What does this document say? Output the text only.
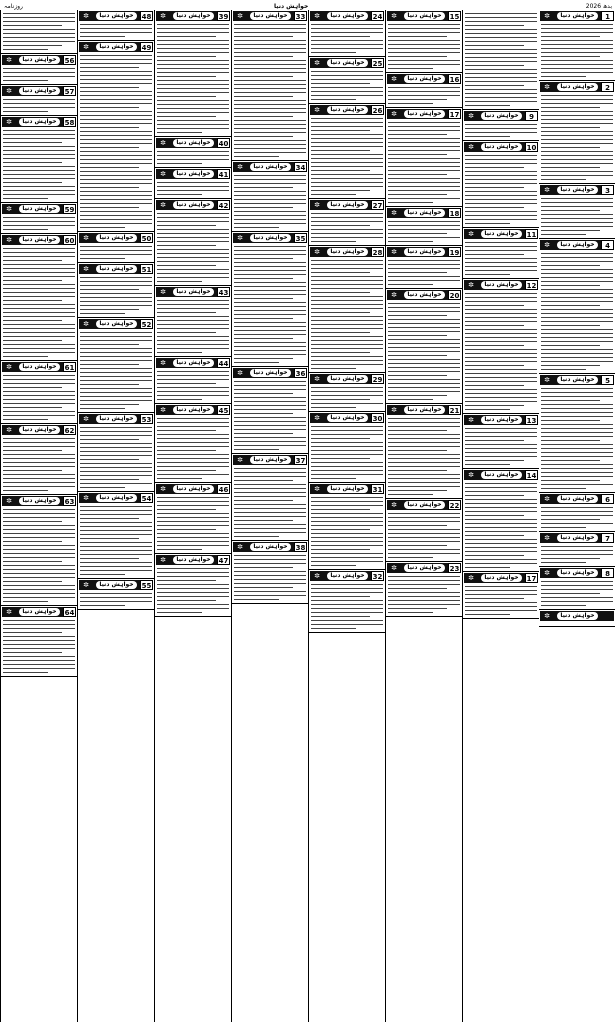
بدھ 2026
خواہش دنیا
روزنامہ
✲	خواہش دنیا	1
✲	خواہش دنیا	2
✲	خواہش دنیا	3
✲	خواہش دنیا	4
✲	خواہش دنیا	5
✲	خواہش دنیا	6
✲	خواہش دنیا	7
✲	خواہش دنیا	8
✲	خواہش دنیا
✲	خواہش دنیا	9
✲	خواہش دنیا	10
✲	خواہش دنیا	11
✲	خواہش دنیا	12
✲	خواہش دنیا	13
✲	خواہش دنیا	14
✲	خواہش دنیا	17
✲	خواہش دنیا	15
✲	خواہش دنیا	16
✲	خواہش دنیا	17
✲	خواہش دنیا	18
✲	خواہش دنیا	19
✲	خواہش دنیا	20
✲	خواہش دنیا	21
✲	خواہش دنیا	22
✲	خواہش دنیا	23
✲	خواہش دنیا	24
✲	خواہش دنیا	25
✲	خواہش دنیا	26
✲	خواہش دنیا	27
✲	خواہش دنیا	28
✲	خواہش دنیا	29
✲	خواہش دنیا	30
✲	خواہش دنیا	31
✲	خواہش دنیا	32
✲	خواہش دنیا	33
✲	خواہش دنیا	34
✲	خواہش دنیا	35
✲	خواہش دنیا	36
✲	خواہش دنیا	37
✲	خواہش دنیا	38
✲	خواہش دنیا	39
✲	خواہش دنیا	40
✲	خواہش دنیا	41
✲	خواہش دنیا	42
✲	خواہش دنیا	43
✲	خواہش دنیا	44
✲	خواہش دنیا	45
✲	خواہش دنیا	46
✲	خواہش دنیا	47
✲	خواہش دنیا	48
✲	خواہش دنیا	49
✲	خواہش دنیا	50
✲	خواہش دنیا	51
✲	خواہش دنیا	52
✲	خواہش دنیا	53
✲	خواہش دنیا	54
✲	خواہش دنیا	55
✲	خواہش دنیا	56
✲	خواہش دنیا	57
✲	خواہش دنیا	58
✲	خواہش دنیا	59
✲	خواہش دنیا	60
✲	خواہش دنیا	61
✲	خواہش دنیا	62
✲	خواہش دنیا	63
✲	خواہش دنیا	64
